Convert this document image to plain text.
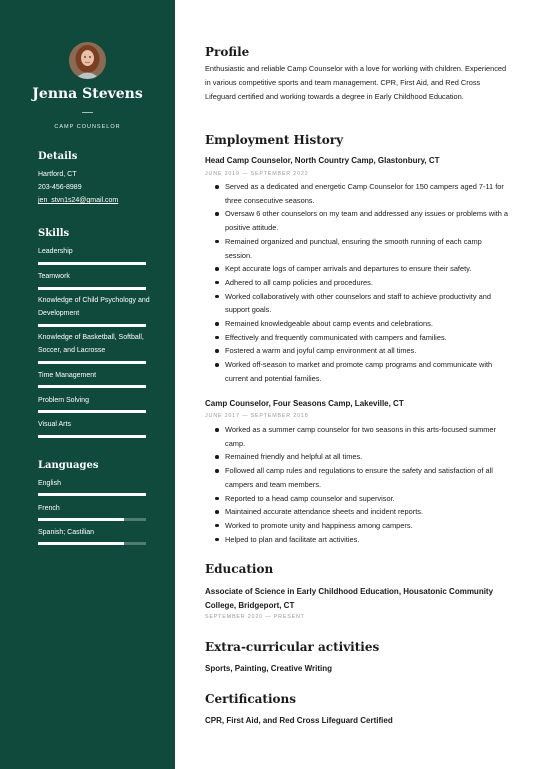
Jenna Stevens
CAMP COUNSELOR
Details
Hartford, CT
203-456-8989
jen_stvn1s24@gmail.com
Skills
Leadership
Teamwork
Knowledge of Child Psychology and Development
Knowledge of Basketball, Softball, Soccer, and Lacrosse
Time Management
Problem Solving
Visual Arts
Languages
English
French
Spanish; Castilian
Profile
Enthusiastic and reliable Camp Counselor with a love for working with children. Experienced in various competitive sports and team management. CPR, First Aid, and Red Cross Lifeguard certified and working towards a degree in Early Childhood Education.
Employment History
Head Camp Counselor, North Country Camp, Glastonbury, CT
JUNE 2019 — SEPTEMBER 2022
Served as a dedicated and energetic Camp Counselor for 150 campers aged 7-11 for three consecutive seasons.
Oversaw 6 other counselors on my team and addressed any issues or problems with a positive attitude.
Remained organized and punctual, ensuring the smooth running of each camp session.
Kept accurate logs of camper arrivals and departures to ensure their safety.
Adhered to all camp policies and procedures.
Worked collaboratively with other counselors and staff to achieve productivity and support goals.
Remained knowledgeable about camp events and celebrations.
Effectively and frequently communicated with campers and families.
Fostered a warm and joyful camp environment at all times.
Worked off-season to market and promote camp programs and communicate with current and potential families.
Camp Counselor, Four Seasons Camp, Lakeville, CT
JUNE 2017 — SEPTEMBER 2018
Worked as a summer camp counselor for two seasons in this arts-focused summer camp.
Remained friendly and helpful at all times.
Followed all camp rules and regulations to ensure the safety and satisfaction of all campers and team members.
Reported to a head camp counselor and supervisor.
Maintained accurate attendance sheets and incident reports.
Worked to promote unity and happiness among campers.
Helped to plan and facilitate art activities.
Education
Associate of Science in Early Childhood Education, Housatonic Community College, Bridgeport, CT
SEPTEMBER 2020 — PRESENT
Extra-curricular activities
Sports, Painting, Creative Writing
Certifications
CPR, First Aid, and Red Cross Lifeguard Certified
